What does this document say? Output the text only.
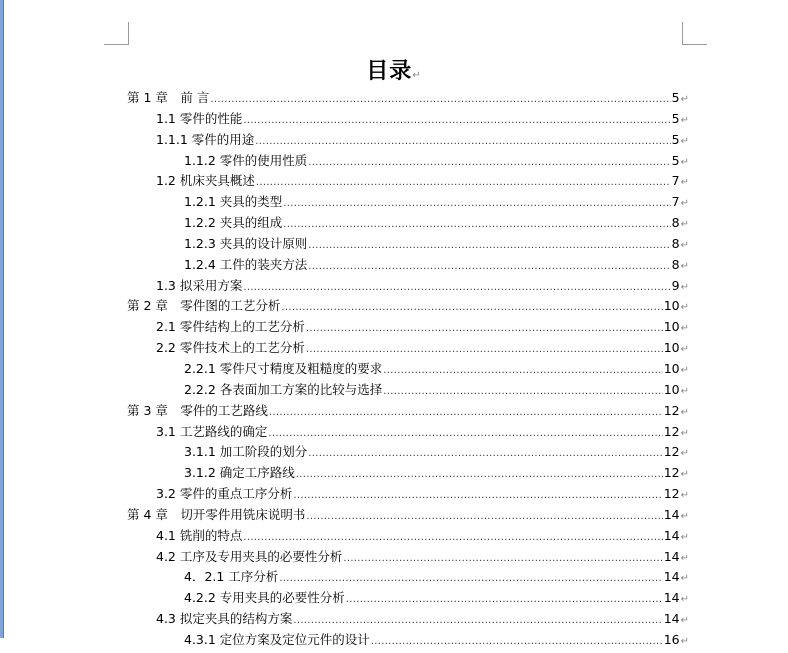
目录↵
第 1 章　前 言 .....	5 ↵
1.1 零件的性能 .....	5 ↵
1.1.1 零件的用途 .....	5 ↵
1.1.2 零件的使用性质 .....	5 ↵
1.2 机床夹具概述 .....	7 ↵
1.2.1 夹具的类型 .....	7 ↵
1.2.2 夹具的组成 .....	8 ↵
1.2.3 夹具的设计原则 .....	8 ↵
1.2.4 工件的装夹方法 .....	8 ↵
1.3 拟采用方案 .....	9 ↵
第 2 章　零件图的工艺分析 .....	10 ↵
2.1 零件结构上的工艺分析 .....	10 ↵
2.2 零件技术上的工艺分析 .....	10 ↵
2.2.1 零件尺寸精度及粗糙度的要求 .....	10 ↵
2.2.2 各表面加工方案的比较与选择 .....	10 ↵
第 3 章　零件的工艺路线 .....	12 ↵
3.1 工艺路线的确定 .....	12 ↵
3.1.1 加工阶段的划分 .....	12 ↵
3.1.2 确定工序路线 .....	12 ↵
3.2 零件的重点工序分析 .....	12 ↵
第 4 章　切开零件用铣床说明书 .....	14 ↵
4.1 铣削的特点 .....	14 ↵
4.2 工序及专用夹具的必要性分析 .....	14 ↵
4．2.1 工序分析 .....	14 ↵
4.2.2 专用夹具的必要性分析 .....	14 ↵
4.3 拟定夹具的结构方案 .....	14 ↵
4.3.1 定位方案及定位元件的设计 .....	16 ↵
